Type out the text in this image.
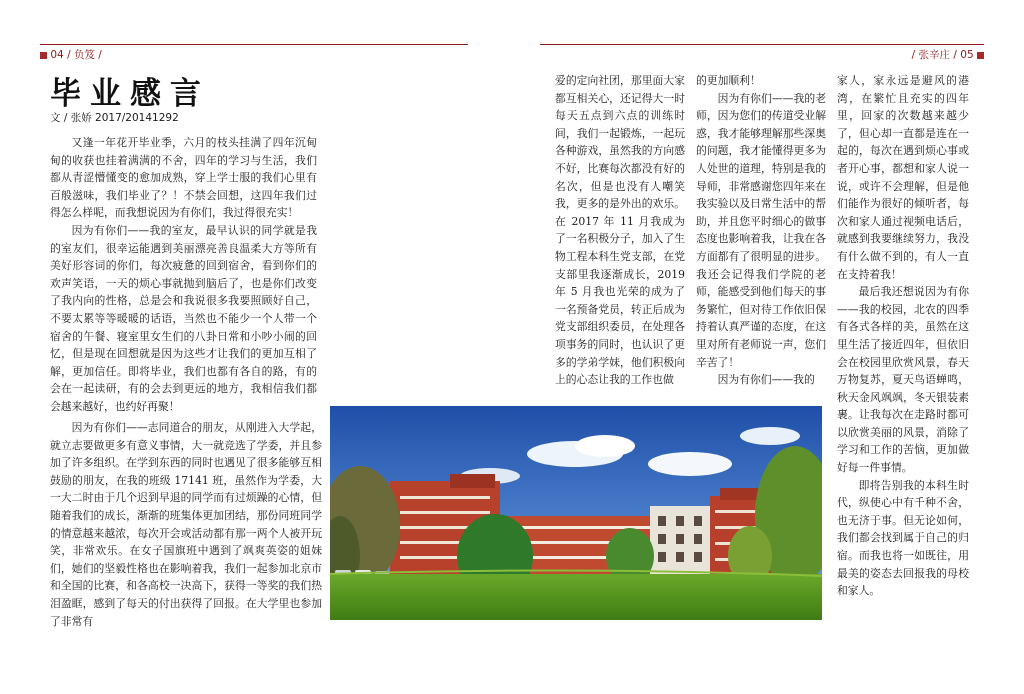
04 / 负笈 /	/ 张辛庄 / 05
毕业感言
文 / 张娇 2017/20141292

又逢一年花开毕业季，六月的枝头挂满了四年沉甸甸的收获也挂着满满的不舍，四年的学习与生活，我们都从青涩懵懂变的愈加成熟，穿上学士服的我们心里有百般滋味，我们毕业了？！不禁会回想，这四年我们过得怎么样呢，而我想说因为有你们，我过得很充实！

因为有你们——我的室友，最早认识的同学就是我的室友们，很幸运能遇到美丽漂亮善良温柔大方等所有美好形容词的你们，每次疲惫的回到宿舍，看到你们的欢声笑语，一天的烦心事就抛到脑后了，也是你们改变了我内向的性格，总是会和我说很多我要照顾好自己，不要太累等等暖暖的话语，当然也不能少一个人带一个宿舍的午餐、寝室里女生们的八卦日常和小吵小闹的回忆，但是现在回想就是因为这些才让我们的更加互相了解，更加信任。即将毕业，我们也都有各自的路，有的会在一起读研，有的会去到更远的地方，我相信我们都会越来越好，也约好再聚！

因为有你们——志同道合的朋友，从刚进入大学起，就立志要做更多有意义事情，大一就竞选了学委，并且参加了许多组织。在学到东西的同时也遇见了很多能够互相鼓励的朋友，在我的班级 17141 班，虽然作为学委，大一大二时由于几个迟到早退的同学而有过烦躁的心情，但随着我们的成长，渐渐的班集体更加团结，那份同班同学的情意越来越浓，每次开会或活动都有那一两个人被开玩笑，非常欢乐。在女子国旗班中遇到了飒爽英姿的姐妹们，她们的坚毅性格也在影响着我，我们一起参加北京市和全国的比赛，和各高校一决高下，获得一等奖的我们热泪盈眶，感到了每天的付出获得了回报。在大学里也参加了非常有

爱的定向社团，那里面大家都互相关心，还记得大一时每天五点到六点的训练时间，我们一起锻炼，一起玩各种游戏，虽然我的方向感不好，比赛每次都没有好的名次，但是也没有人嘲笑我，更多的是外出的欢乐。在 2017 年 11 月我成为了一名积极分子，加入了生物工程本科生党支部，在党支部里我逐渐成长，2019 年 5 月我也光荣的成为了一名预备党员，转正后成为党支部组织委员，在处理各项事务的同时，也认识了更多的学弟学妹，他们积极向上的心态让我的工作也做

的更加顺利！

因为有你们——我的老师，因为您们的传道受业解惑，我才能够理解那些深奥的问题，我才能懂得更多为人处世的道理，特别是我的导师，非常感谢您四年来在我实验以及日常生活中的帮助，并且您平时细心的做事态度也影响着我，让我在各方面都有了很明显的进步。我还会记得我们学院的老师，能感受到他们每天的事务繁忙，但对待工作依旧保持着认真严谨的态度，在这里对所有老师说一声，您们辛苦了！

因为有你们——我的

家人，家永远是避风的港湾，在繁忙且充实的四年里，回家的次数越来越少了，但心却一直都是连在一起的，每次在遇到烦心事或者开心事，都想和家人说一说，或许不会理解，但是他们能作为很好的倾听者，每次和家人通过视频电话后，就感到我要继续努力，我没有什么做不到的，有人一直在支持着我！

最后我还想说因为有你——我的校园，北农的四季有各式各样的美，虽然在这里生活了接近四年，但依旧会在校园里欣赏风景，春天万物复苏，夏天鸟语蝉鸣，秋天金风飒飒，冬天银装素裹。让我每次在走路时都可以欣赏美丽的风景，消除了学习和工作的苦恼，更加做好每一件事情。

即将告别我的本科生时代，纵使心中有千种不舍，也无济于事。但无论如何，我们都会找到属于自己的归宿。而我也将一如既往，用最美的姿态去回报我的母校和家人。
